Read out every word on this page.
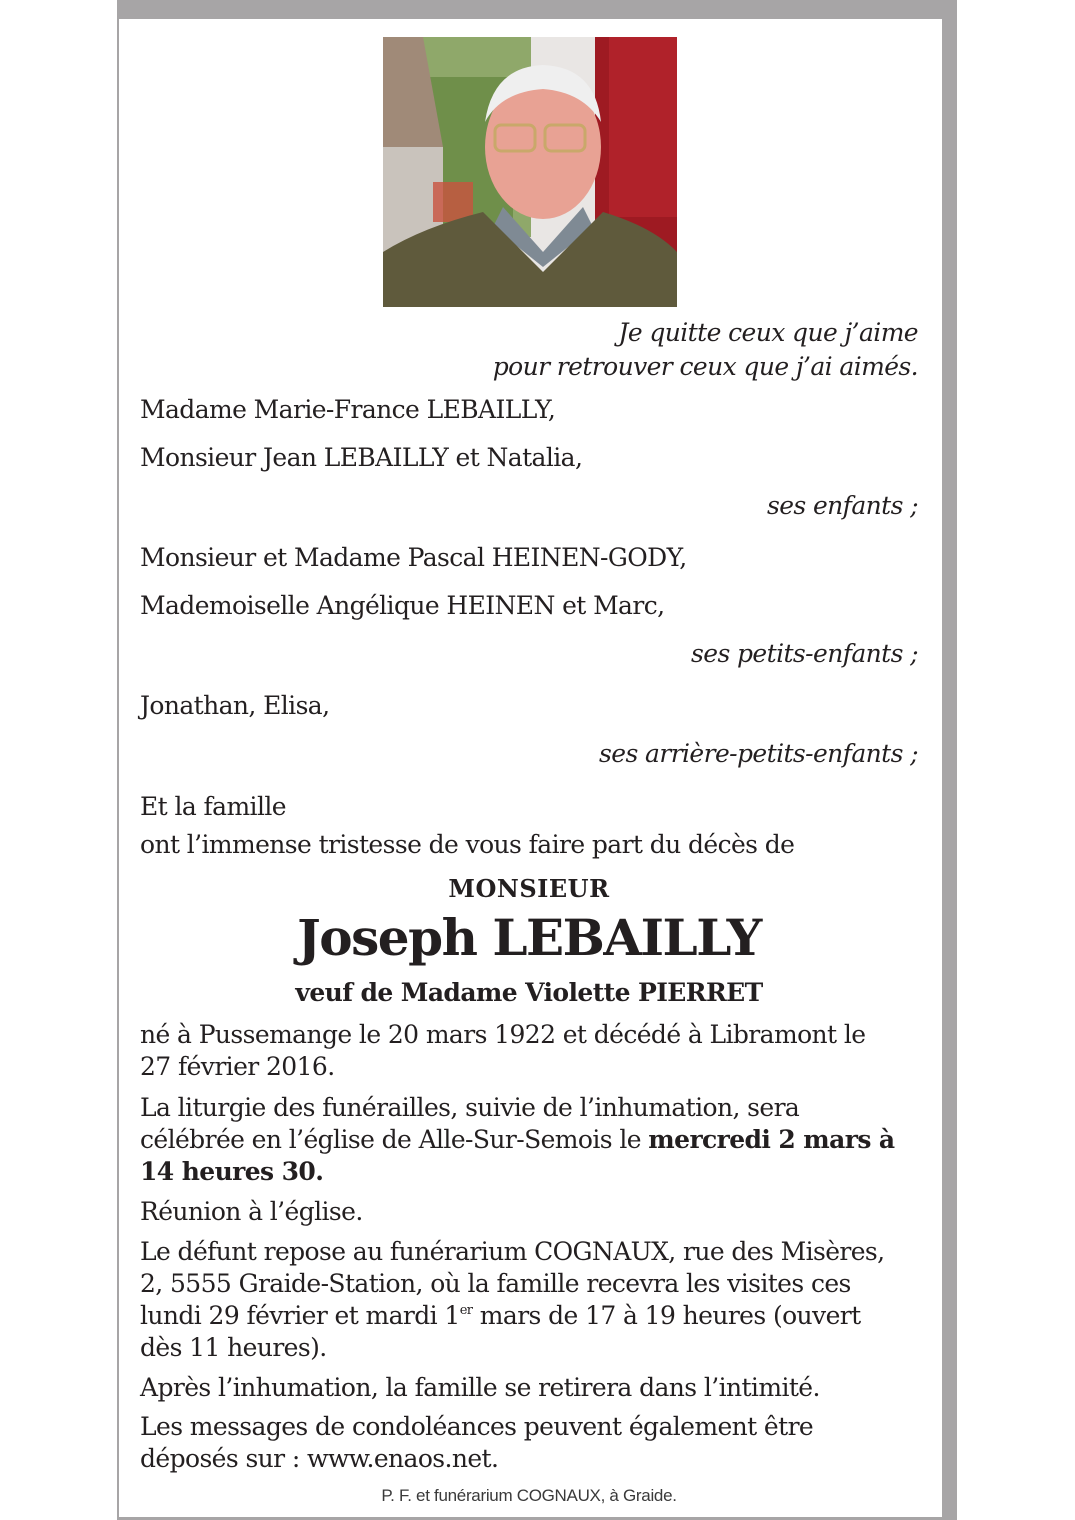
Je quitte ceux que j’aime
pour retrouver ceux que j’ai aimés.
Madame Marie-France LEBAILLY,
Monsieur Jean LEBAILLY et Natalia,
ses enfants ;
Monsieur et Madame Pascal HEINEN-GODY,
Mademoiselle Angélique HEINEN et Marc,
ses petits-enfants ;
Jonathan, Elisa,
ses arrière-petits-enfants ;
Et la famille
ont l’immense tristesse de vous faire part du décès de
MONSIEUR
Joseph LEBAILLY
veuf de Madame Violette PIERRET
né à Pussemange le 20 mars 1922 et décédé à Libramont le
27 février 2016.
La liturgie des funérailles, suivie de l’inhumation, sera
célébrée en l’église de Alle-Sur-Semois le mercredi 2 mars à
14 heures 30.
Réunion à l’église.
Le défunt repose au funérarium COGNAUX, rue des Misères,
2, 5555 Graide-Station, où la famille recevra les visites ces
lundi 29 février et mardi 1er mars de 17 à 19 heures (ouvert
dès 11 heures).
Après l’inhumation, la famille se retirera dans l’intimité.
Les messages de condoléances peuvent également être
déposés sur : www.enaos.net.
P. F. et funérarium COGNAUX, à Graide.
